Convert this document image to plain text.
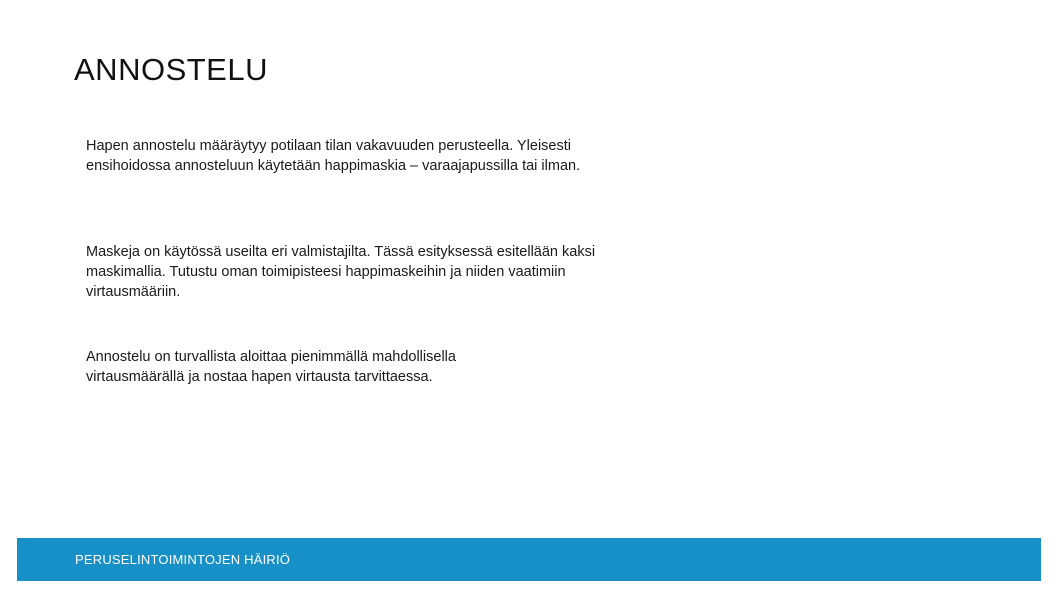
ANNOSTELU

Hapen annostelu määräytyy potilaan tilan vakavuuden perusteella. Yleisesti ensihoidossa annosteluun käytetään happimaskia – varaajapussilla tai ilman.

Maskeja on käytössä useilta eri valmistajilta. Tässä esityksessä esitellään kaksi maskimallia. Tutustu oman toimipisteesi happimaskeihin ja niiden vaatimiin virtausmääriin.

Annostelu on turvallista aloittaa pienimmällä mahdollisella virtausmäärällä ja nostaa hapen virtausta tarvittaessa.

PERUSELINTOIMINTOJEN HÄIRIÖ
